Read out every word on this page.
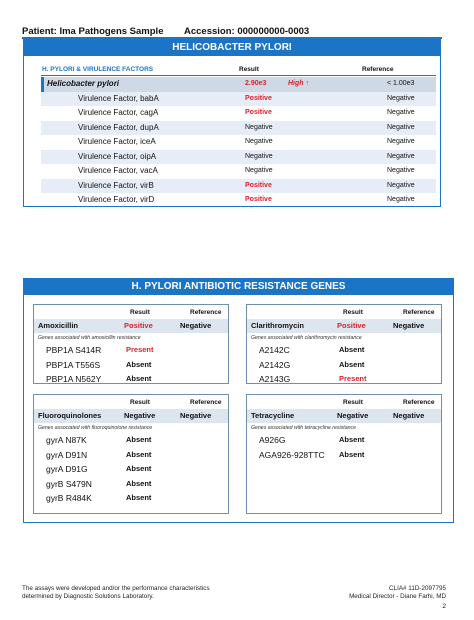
Patient: Ima Pathogens Sample Accession: 000000000-0003
HELICOBACTER PYLORI
H. PYLORI & VIRULENCE FACTORS	Result	Reference
Helicobacter pylori	2.90e3	High ↑	< 1.00e3
Virulence Factor, babA	Positive	Negative
Virulence Factor, cagA	Positive	Negative
Virulence Factor, dupA	Negative	Negative
Virulence Factor, iceA	Negative	Negative
Virulence Factor, oipA	Negative	Negative
Virulence Factor, vacA	Negative	Negative
Virulence Factor, virB	Positive	Negative
Virulence Factor, virD	Positive	Negative
H. PYLORI ANTIBIOTIC RESISTANCE GENES
Result	Reference
Amoxicillin	Positive	Negative
Genes associated with amoxicillin resistance
PBP1A S414R	Present
PBP1A T556S	Absent
PBP1A N562Y	Absent
Result	Reference
Clarithromycin	Positive	Negative
Genes associated with clarithromycin resistance
A2142C	Absent
A2142G	Absent
A2143G	Present
Result	Reference
Fluoroquinolones	Negative	Negative
Genes associated with fluoroquinolone resistance
gyrA N87K	Absent
gyrA D91N	Absent
gyrA D91G	Absent
gyrB S479N	Absent
gyrB R484K	Absent
Result	Reference
Tetracycline	Negative	Negative
Genes associated with tetracycline resistance
A926G	Absent
AGA926-928TTC Absent
The assays were developed and/or the performance characteristics
determined by Diagnostic Solutions Laboratory.
CLIA# 11D-2097795
Medical Director - Diane Farhi, MD
2
